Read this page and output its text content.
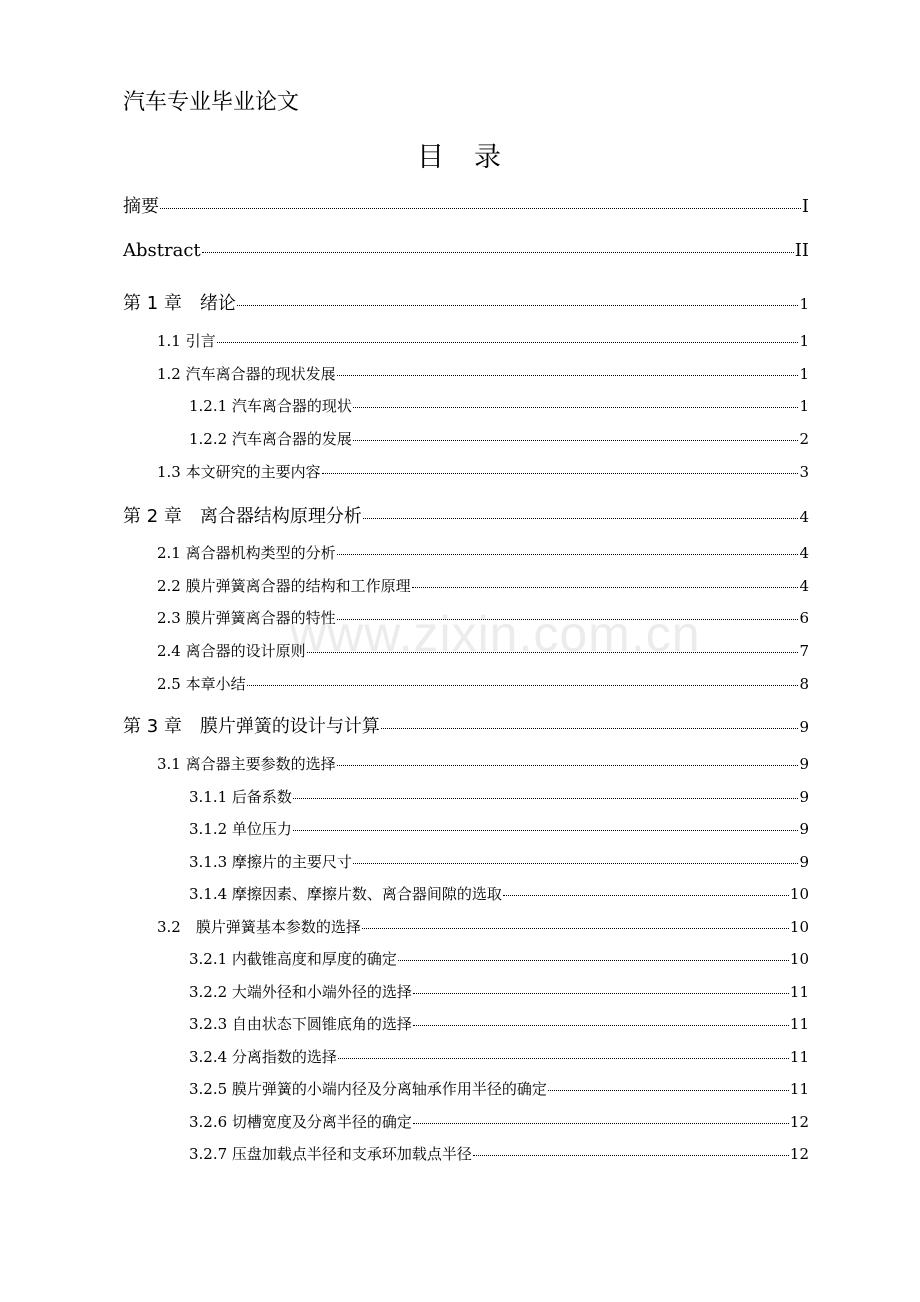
汽车专业毕业论文
目 录
www.zixin.com.cn
摘要	I
Abstract	II
第 1 章　绪论	1
1.1 引言	1
1.2 汽车离合器的现状发展	1
1.2.1 汽车离合器的现状	1
1.2.2 汽车离合器的发展	2
1.3 本文研究的主要内容	3
第 2 章　离合器结构原理分析	4
2.1 离合器机构类型的分析	4
2.2 膜片弹簧离合器的结构和工作原理	4
2.3 膜片弹簧离合器的特性	6
2.4 离合器的设计原则	7
2.5 本章小结	8
第 3 章　膜片弹簧的设计与计算	9
3.1 离合器主要参数的选择	9
3.1.1 后备系数	9
3.1.2 单位压力	9
3.1.3 摩擦片的主要尺寸	9
3.1.4 摩擦因素、摩擦片数、离合器间隙的选取	10
3.2　膜片弹簧基本参数的选择	10
3.2.1 内截锥高度和厚度的确定	10
3.2.2 大端外径和小端外径的选择	11
3.2.3 自由状态下圆锥底角的选择	11
3.2.4 分离指数的选择	11
3.2.5 膜片弹簧的小端内径及分离轴承作用半径的确定	11
3.2.6 切槽宽度及分离半径的确定	12
3.2.7 压盘加载点半径和支承环加载点半径	12
